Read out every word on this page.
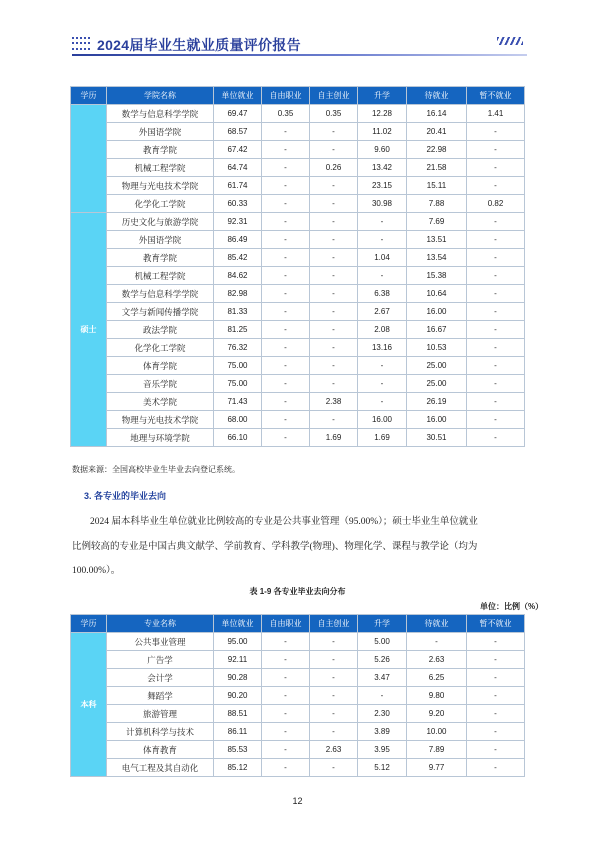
2024届毕业生就业质量评价报告
学历	学院名称	单位就业	自由职业	自主创业	升学	待就业	暂不就业
	数学与信息科学学院	69.47	0.35	0.35	12.28	16.14	1.41
	外国语学院	68.57	-	-	11.02	20.41	-
	教育学院	67.42	-	-	9.60	22.98	-
	机械工程学院	64.74	-	0.26	13.42	21.58	-
	物理与光电技术学院	61.74	-	-	23.15	15.11	-
	化学化工学院	60.33	-	-	30.98	7.88	0.82
硕士	历史文化与旅游学院	92.31	-	-	-	7.69	-
	外国语学院	86.49	-	-	-	13.51	-
	教育学院	85.42	-	-	1.04	13.54	-
	机械工程学院	84.62	-	-	-	15.38	-
	数学与信息科学学院	82.98	-	-	6.38	10.64	-
	文学与新闻传播学院	81.33	-	-	2.67	16.00	-
	政法学院	81.25	-	-	2.08	16.67	-
	化学化工学院	76.32	-	-	13.16	10.53	-
	体育学院	75.00	-	-	-	25.00	-
	音乐学院	75.00	-	-	-	25.00	-
	美术学院	71.43	-	2.38	-	26.19	-
	物理与光电技术学院	68.00	-	-	16.00	16.00	-
	地理与环境学院	66.10	-	1.69	1.69	30.51	-
数据来源：全国高校毕业生毕业去向登记系统。
3. 各专业的毕业去向
2024 届本科毕业生单位就业比例较高的专业是公共事业管理（95.00%）；硕士毕业生单位就业
比例较高的专业是中国古典文献学、学前教育、学科教学(物理)、物理化学、课程与教学论（均为
100.00%）。
表 1-9 各专业毕业去向分布
单位：比例（%）
学历	专业名称	单位就业	自由职业	自主创业	升学	待就业	暂不就业
本科	公共事业管理	95.00	-	-	5.00	-	-
	广告学	92.11	-	-	5.26	2.63	-
	会计学	90.28	-	-	3.47	6.25	-
	舞蹈学	90.20	-	-	-	9.80	-
	旅游管理	88.51	-	-	2.30	9.20	-
	计算机科学与技术	86.11	-	-	3.89	10.00	-
	体育教育	85.53	-	2.63	3.95	7.89	-
	电气工程及其自动化	85.12	-	-	5.12	9.77	-
12
